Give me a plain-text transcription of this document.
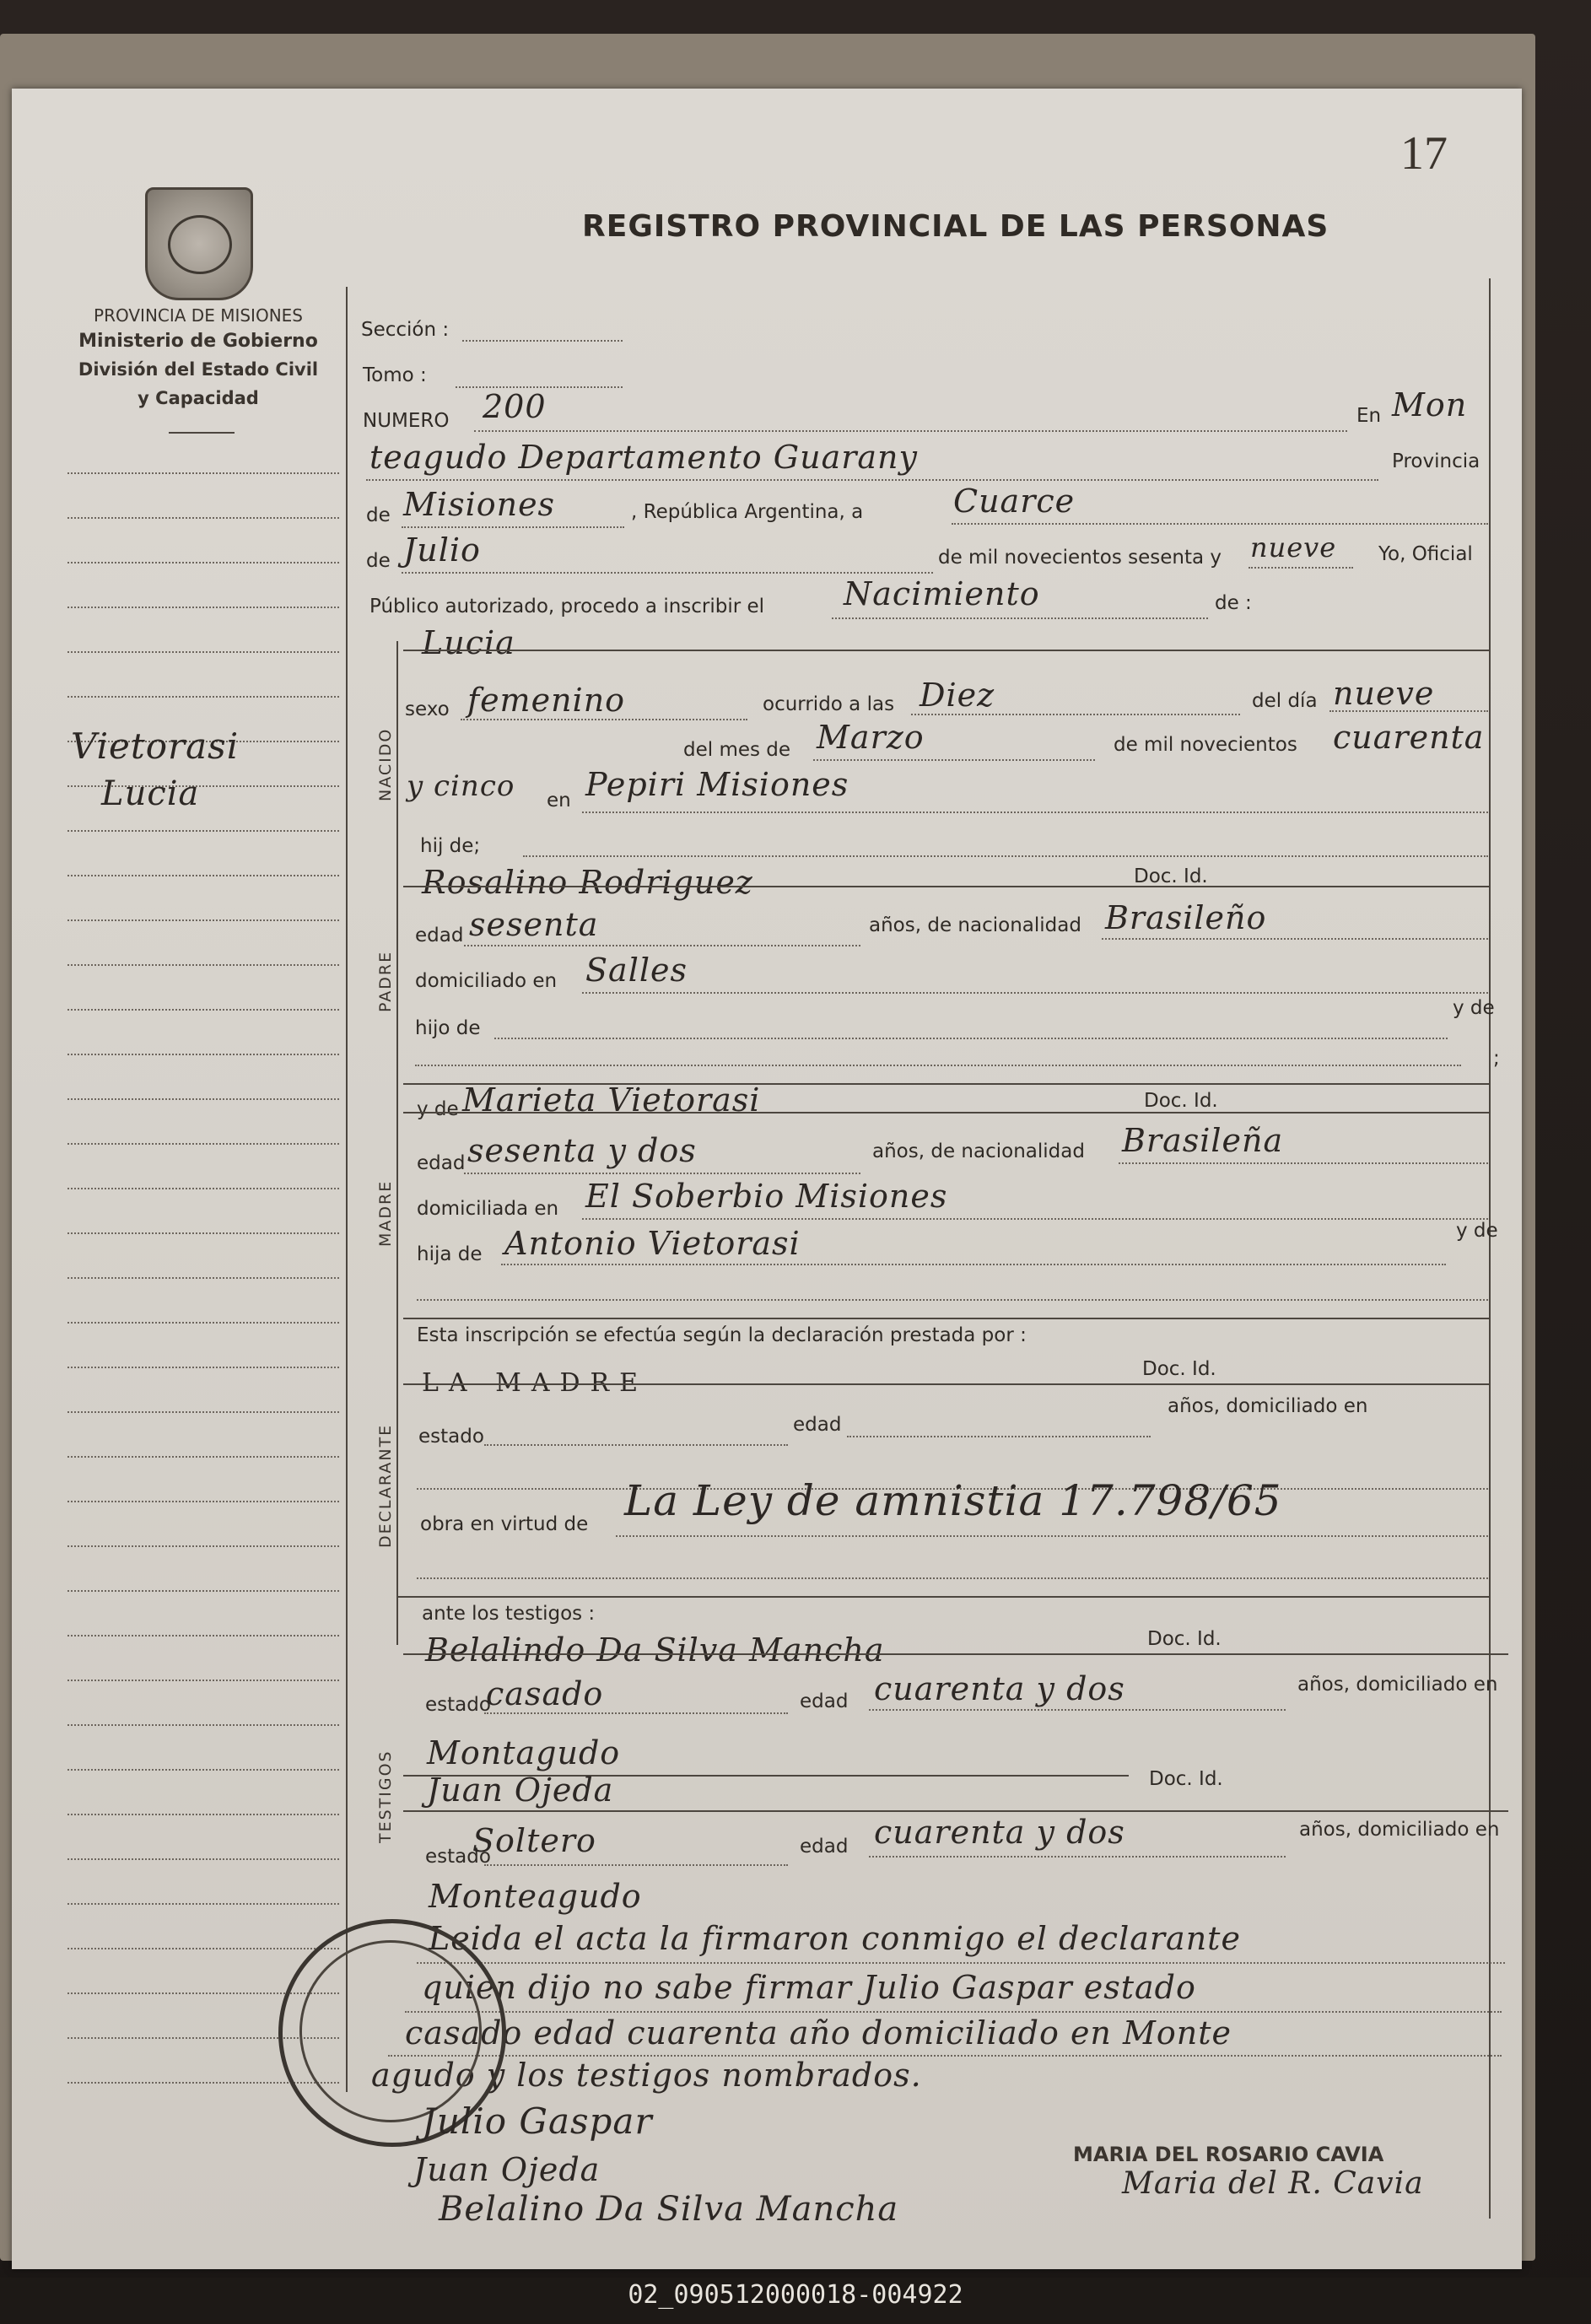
17
REGISTRO PROVINCIAL DE LAS PERSONAS
PROVINCIA DE MISIONES
Ministerio de Gobierno
División del Estado Civil
y Capacidad
Vietorasi
Lucia	NACIDO
PADRE
MADRE
DECLARANTE
TESTIGOS
Sección :
Tomo :
NUMERO 200	En Mon
teagudo Departamento Guarany	Provincia
de Misiones	, República Argentina, a	Cuarce
de Julio	de mil novecientos sesenta y nueve Yo, Oficial
Público autorizado, procedo a inscribir el Nacimiento	de :
Lucia
sexo femenino	ocurrido a las Diez	del día nueve
del mes de Marzo	de mil novecientos cuarenta
y cinco en Pepiri Misiones
hij de;
Rosalino Rodriguez	Doc. Id.
edad sesenta	años, de nacionalidad Brasileño
domiciliado en Salles
hijo de
y de
;
y de Marieta Vietorasi	Doc. Id.
edad sesenta y dos	años, de nacionalidad Brasileña
domiciliada en El Soberbio Misiones
hija de Antonio Vietorasi	y de
Esta inscripción se efectúa según la declaración prestada por :
LA MADRE	Doc. Id.
estado
edad
años, domiciliado en
obra en virtud de La Ley de amnistia 17.798/65
ante los testigos :
Belalindo Da Silva Mancha	Doc. Id.
estado
casado	edad cuarenta y dos	años, domiciliado en
Montagudo
Doc. Id.
Juan Ojeda
estado
Soltero	edad cuarenta y dos	años, domiciliado en
Monteagudo
Leida el acta la firmaron conmigo el declarante
quien dijo no sabe firmar Julio Gaspar estado
casado edad cuarenta año domiciliado en Monte
agudo y los testigos nombrados.
Julio Gaspar
Juan Ojeda
Belalino Da Silva Mancha
MARIA DEL ROSARIO CAVIA
Maria del R. Cavia
02_090512000018-004922
